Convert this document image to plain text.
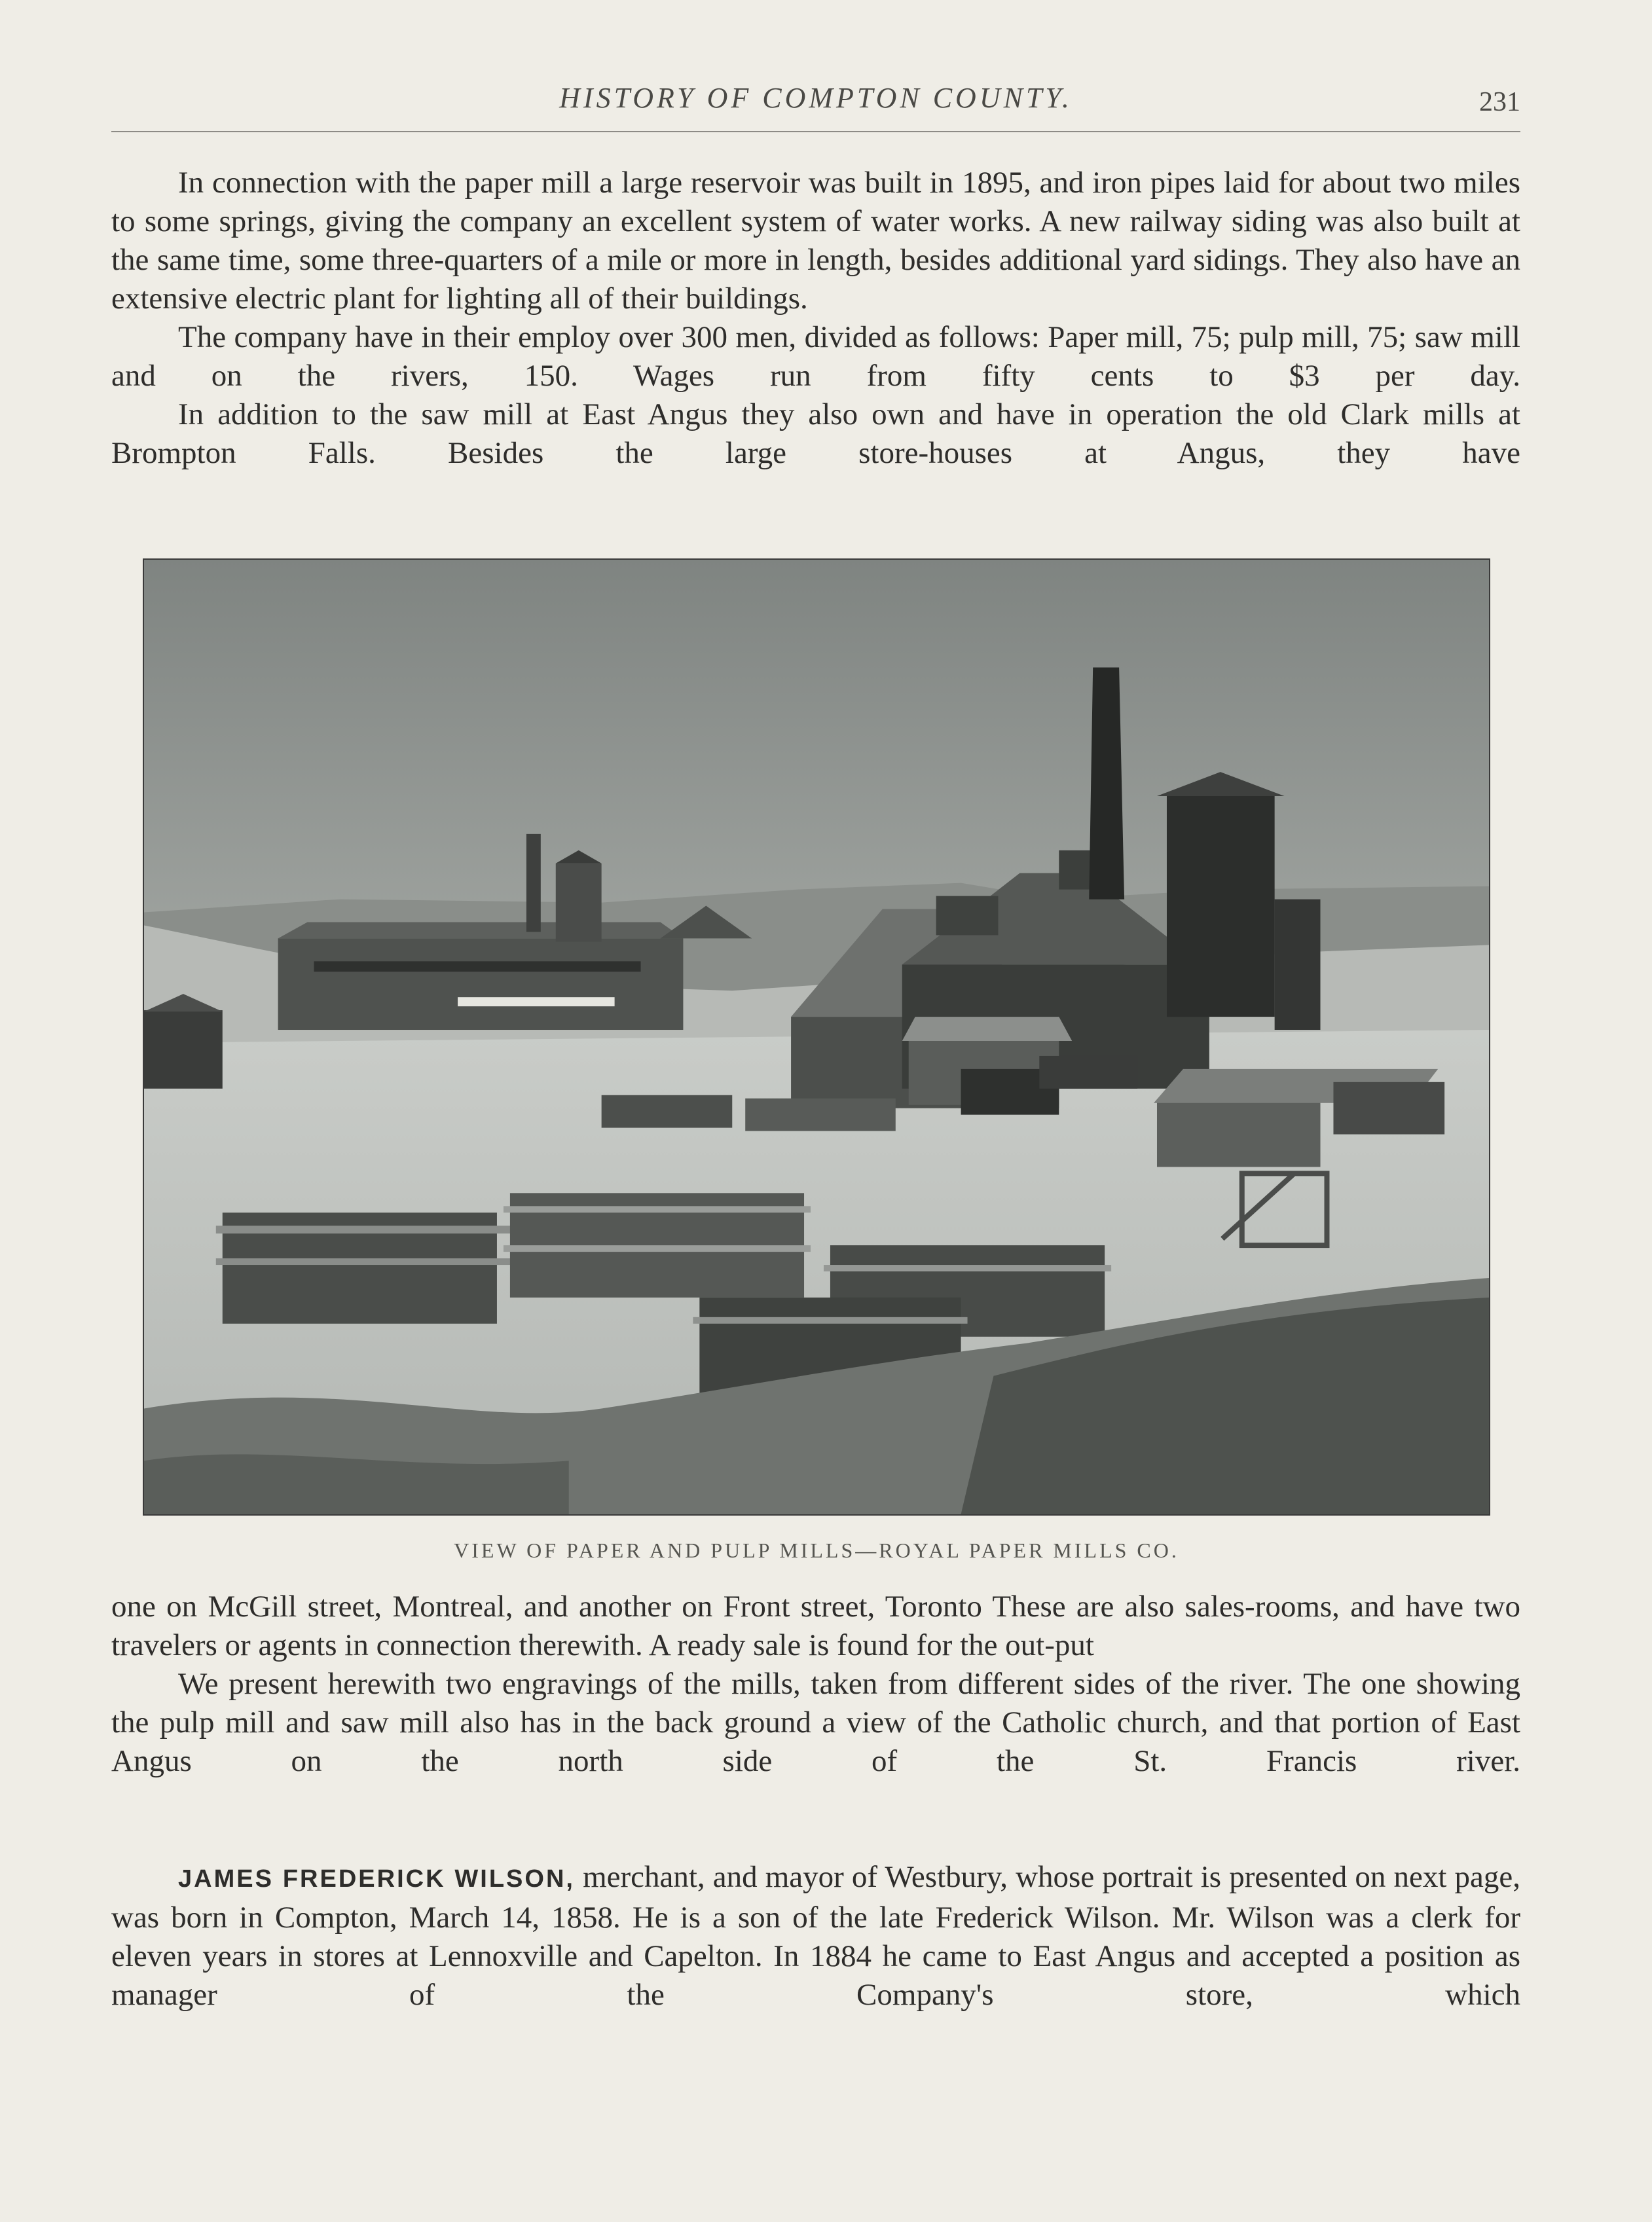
HISTORY OF COMPTON COUNTY.	231

In connection with the paper mill a large reservoir was built in 1895, and iron pipes laid for about two miles to some springs, giving the company an excellent system of water works. A new railway siding was also built at the same time, some three-quarters of a mile or more in length, besides additional yard sidings. They also have an extensive electric plant for lighting all of their buildings.

The company have in their employ over 300 men, divided as follows: Paper mill, 75; pulp mill, 75; saw mill and on the rivers, 150. Wages run from fifty cents to $3 per day.

In addition to the saw mill at East Angus they also own and have in operation the old Clark mills at Brompton Falls. Besides the large store-houses at Angus, they have

VIEW OF PAPER AND PULP MILLS—ROYAL PAPER MILLS CO.

one on McGill street, Montreal, and another on Front street, Toronto These are also sales-rooms, and have two travelers or agents in connection therewith. A ready sale is found for the out-put

We present herewith two engravings of the mills, taken from different sides of the river. The one showing the pulp mill and saw mill also has in the back ground a view of the Catholic church, and that portion of East Angus on the north side of the St. Francis river.

JAMES FREDERICK WILSON, merchant, and mayor of Westbury, whose portrait is presented on next page, was born in Compton, March 14, 1858. He is a son of the late Frederick Wilson. Mr. Wilson was a clerk for eleven years in stores at Lennoxville and Capelton. In 1884 he came to East Angus and accepted a position as manager of the Company's store, which
